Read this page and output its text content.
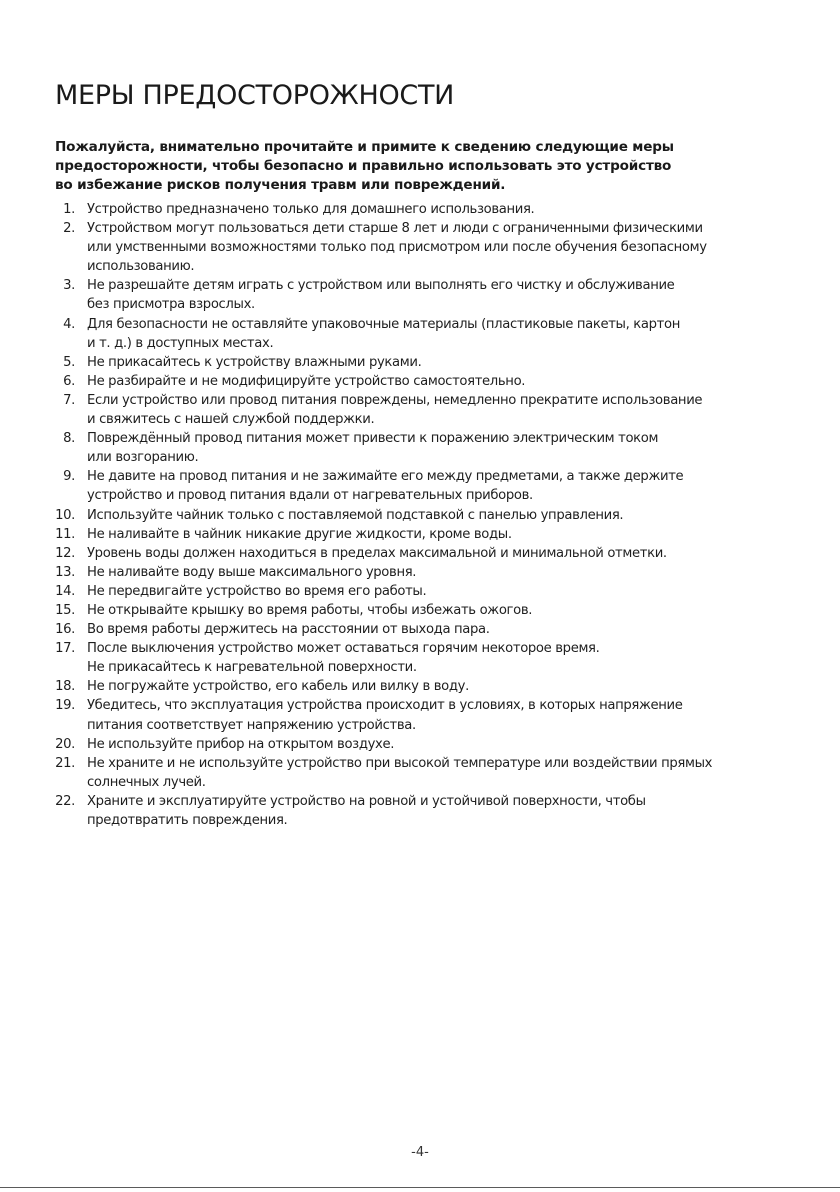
МЕРЫ ПРЕДОСТОРОЖНОСТИ

Пожалуйста, внимательно прочитайте и примите к сведению следующие меры
предосторожности, чтобы безопасно и правильно использовать это устройство
во избежание рисков получения травм или повреждений.

1. Устройство предназначено только для домашнего использования.
2. Устройством могут пользоваться дети старше 8 лет и люди с ограниченными физическими
или умственными возможностями только под присмотром или после обучения безопасному
использованию.
3. Не разрешайте детям играть с устройством или выполнять его чистку и обслуживание
без присмотра взрослых.
4. Для безопасности не оставляйте упаковочные материалы (пластиковые пакеты, картон
и т. д.) в доступных местах.
5. Не прикасайтесь к устройству влажными руками.
6. Не разбирайте и не модифицируйте устройство самостоятельно.
7. Если устройство или провод питания повреждены, немедленно прекратите использование
и свяжитесь с нашей службой поддержки.
8. Повреждённый провод питания может привести к поражению электрическим током
или возгоранию.
9. Не давите на провод питания и не зажимайте его между предметами, а также держите
устройство и провод питания вдали от нагревательных приборов.
10. Используйте чайник только с поставляемой подставкой с панелью управления.
11. Не наливайте в чайник никакие другие жидкости, кроме воды.
12. Уровень воды должен находиться в пределах максимальной и минимальной отметки.
13. Не наливайте воду выше максимального уровня.
14. Не передвигайте устройство во время его работы.
15. Не открывайте крышку во время работы, чтобы избежать ожогов.
16. Во время работы держитесь на расстоянии от выхода пара.
17. После выключения устройство может оставаться горячим некоторое время.
Не прикасайтесь к нагревательной поверхности.
18. Не погружайте устройство, его кабель или вилку в воду.
19. Убедитесь, что эксплуатация устройства происходит в условиях, в которых напряжение
питания соответствует напряжению устройства.
20. Не используйте прибор на открытом воздухе.
21. Не храните и не используйте устройство при высокой температуре или воздействии прямых
солнечных лучей.
22. Храните и эксплуатируйте устройство на ровной и устойчивой поверхности, чтобы
предотвратить повреждения.
-4-
